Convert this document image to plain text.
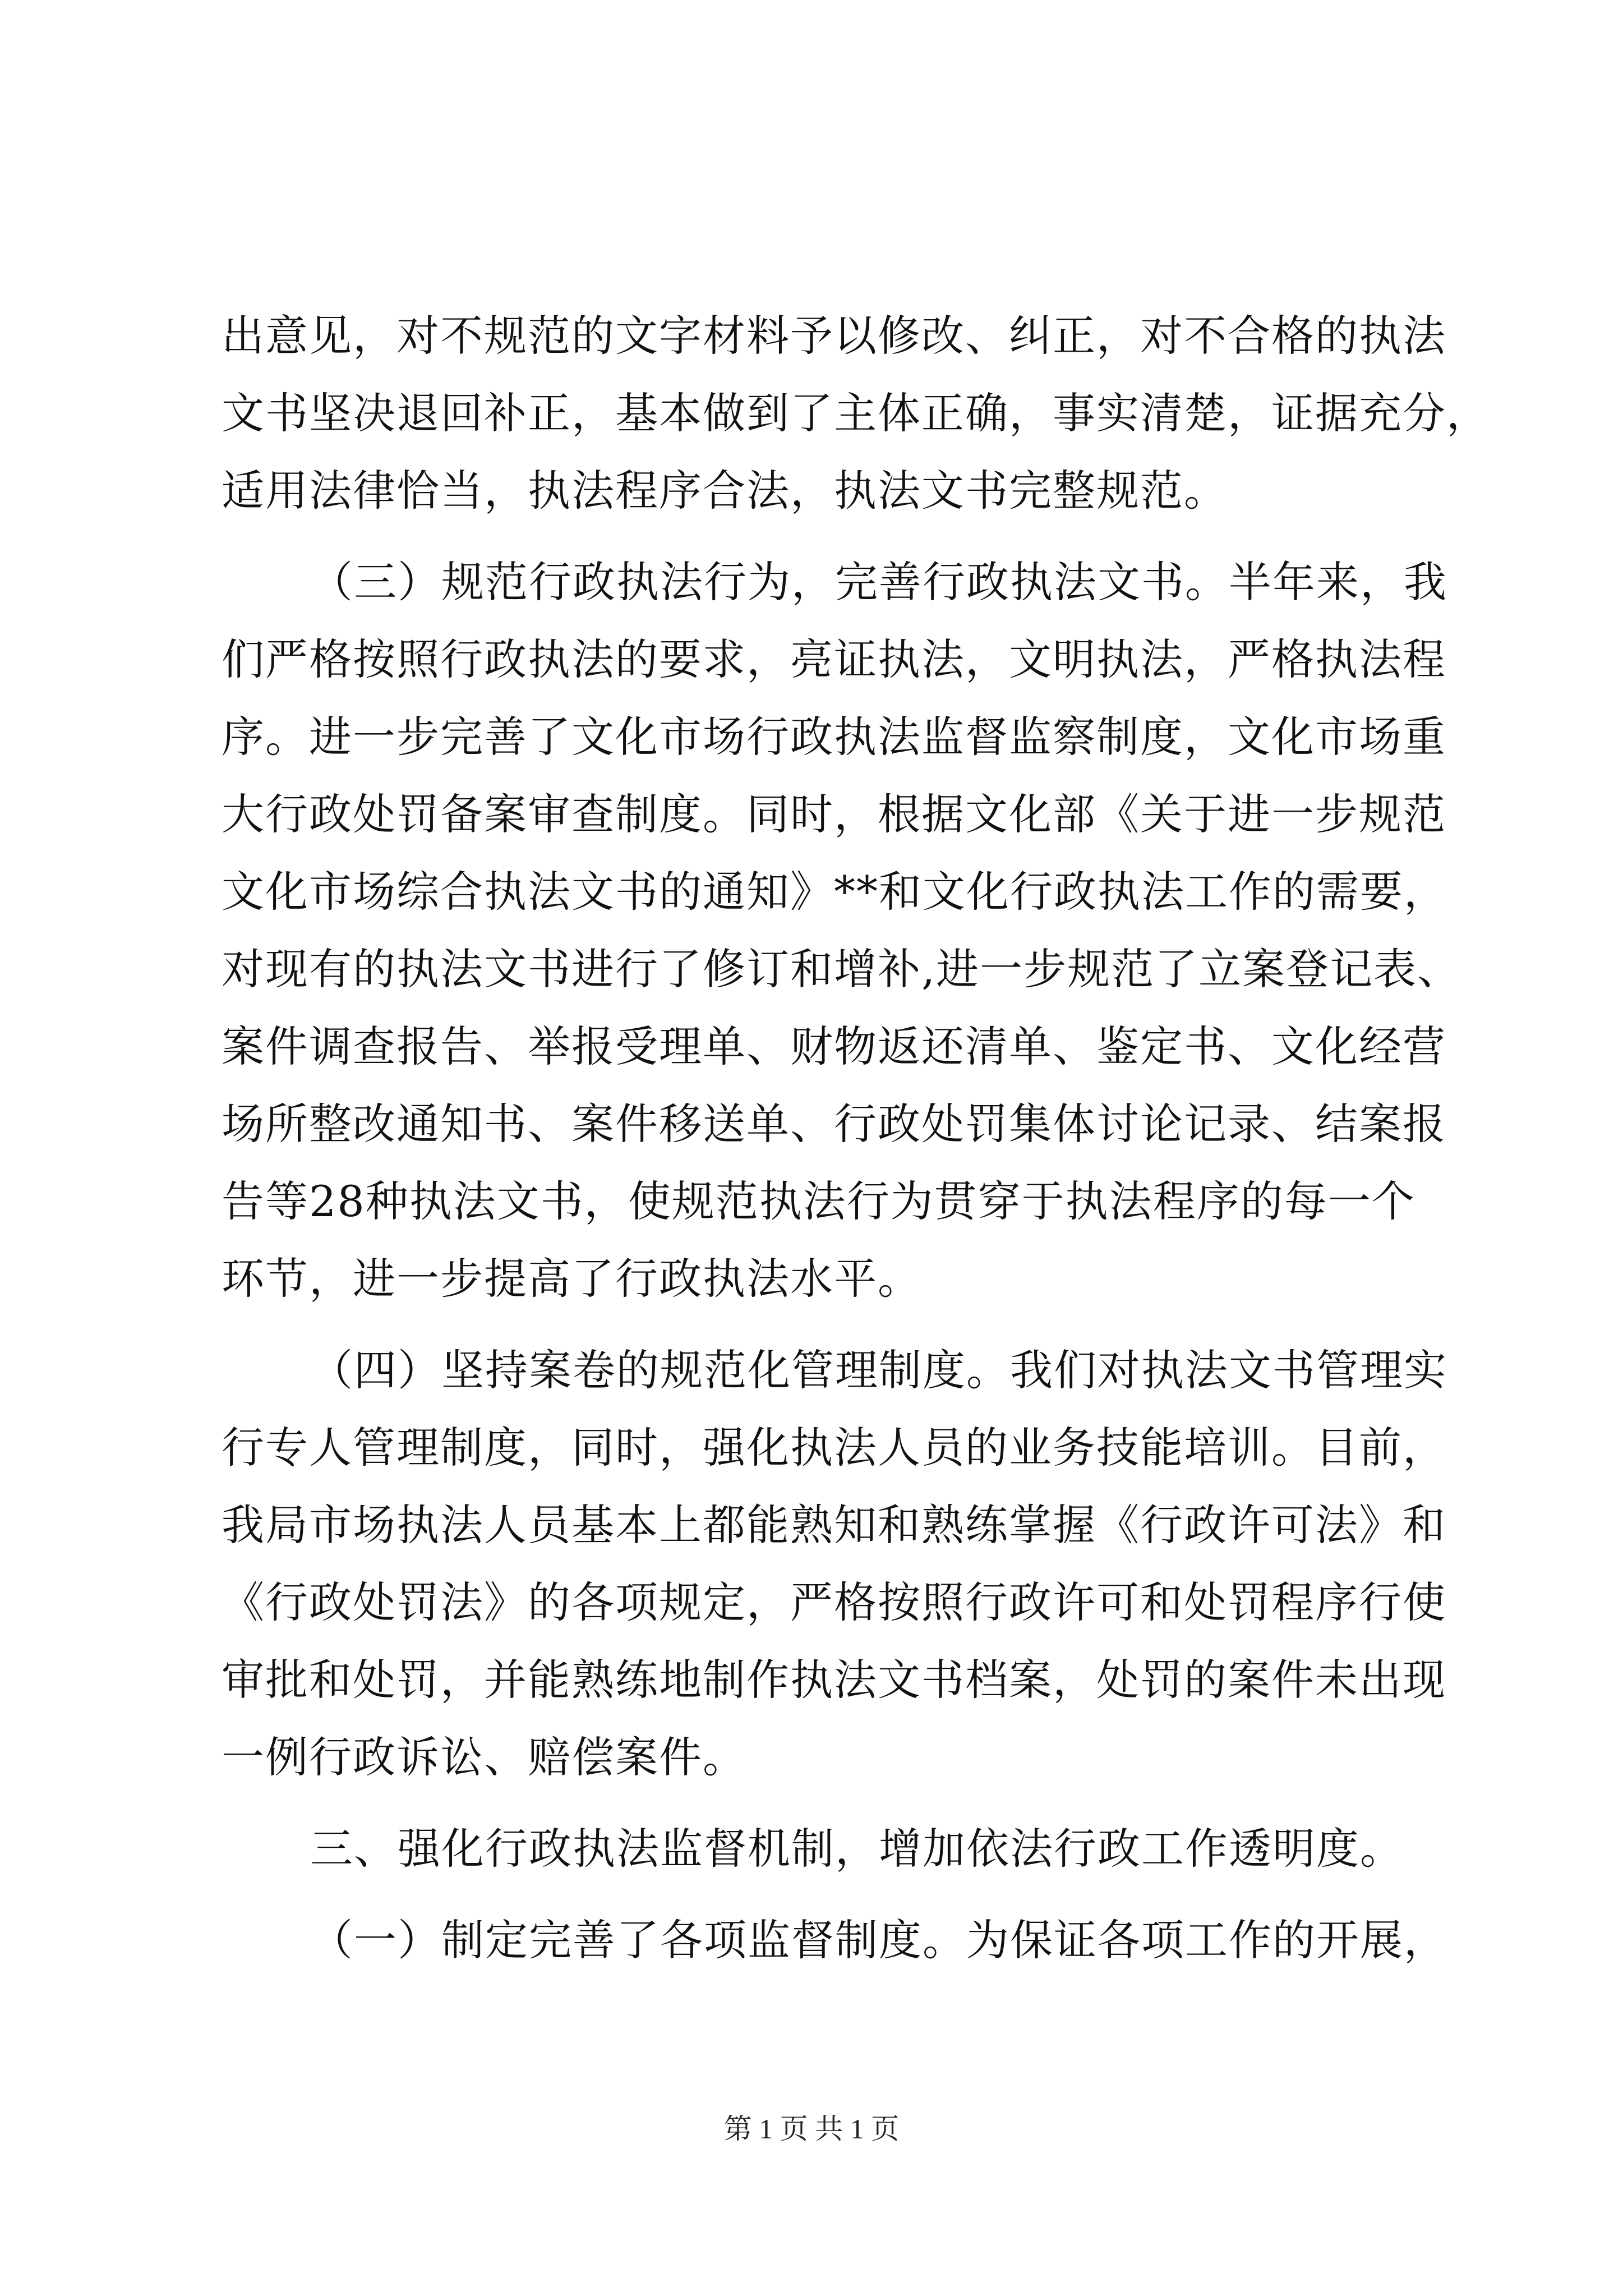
出意见，对不规范的文字材料予以修改、纠正，对不合格的执法
文书坚决退回补正，基本做到了主体正确，事实清楚，证据充分，
适用法律恰当，执法程序合法，执法文书完整规范。
（三）规范行政执法行为，完善行政执法文书。半年来，我
们严格按照行政执法的要求，亮证执法，文明执法，严格执法程
序。进一步完善了文化市场行政执法监督监察制度，文化市场重
大行政处罚备案审查制度。同时，根据文化部《关于进一步规范
文化市场综合执法文书的通知》**和文化行政执法工作的需要，
对现有的执法文书进行了修订和增补,进一步规范了立案登记表、
案件调查报告、举报受理单、财物返还清单、鉴定书、文化经营
场所整改通知书、案件移送单、行政处罚集体讨论记录、结案报
告等28种执法文书，使规范执法行为贯穿于执法程序的每一个
环节，进一步提高了行政执法水平。
（四）坚持案卷的规范化管理制度。我们对执法文书管理实
行专人管理制度，同时，强化执法人员的业务技能培训。目前，
我局市场执法人员基本上都能熟知和熟练掌握《行政许可法》和
《行政处罚法》的各项规定，严格按照行政许可和处罚程序行使
审批和处罚，并能熟练地制作执法文书档案，处罚的案件未出现
一例行政诉讼、赔偿案件。
三、强化行政执法监督机制，增加依法行政工作透明度。
（一）制定完善了各项监督制度。为保证各项工作的开展，
第 1 页 共 1 页
